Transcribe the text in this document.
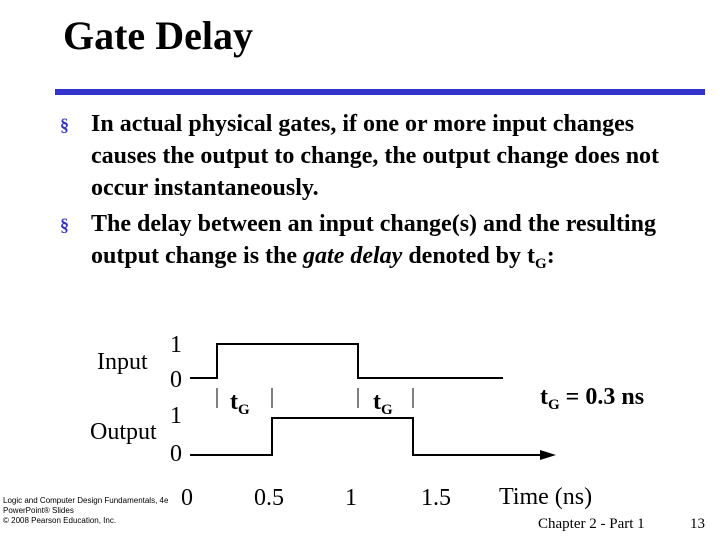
Gate Delay
§
In actual physical gates, if one or more input changes causes the output to change, the output change does not occur instantaneously.
§
The delay between an input change(s) and the resulting output change is the gate delay denoted by $t_G$:
Input
1
0
Output
1
0
$t_G$	$t_G$	$t_G = 0.3$ ns
0	0.5	1	1.5 Time (ns)
Logic and Computer Design Fundamentals, 4e
PowerPoint® Slides
© 2008 Pearson Education, Inc.	Chapter 2 - Part 1	13
